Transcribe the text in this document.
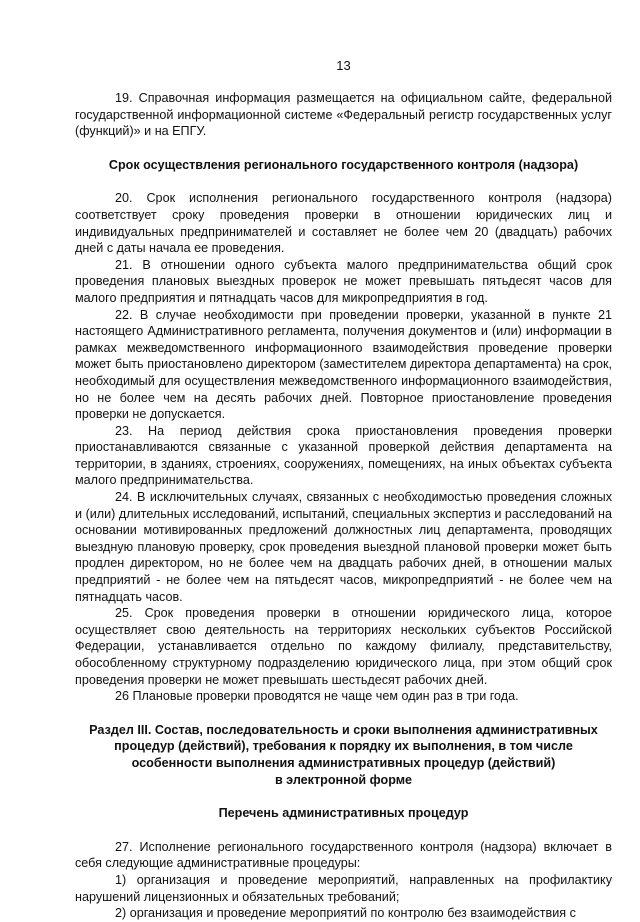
13

19. Справочная информация размещается на официальном сайте, федеральной государственной информационной системе «Федеральный регистр государственных услуг (функций)» и на ЕПГУ.

Срок осуществления регионального государственного контроля (надзора)

20. Срок исполнения регионального государственного контроля (надзора) соответствует сроку проведения проверки в отношении юридических лиц и индивидуальных предпринимателей и составляет не более чем 20 (двадцать) рабочих дней с даты начала ее проведения.

21. В отношении одного субъекта малого предпринимательства общий срок проведения плановых выездных проверок не может превышать пятьдесят часов для малого предприятия и пятнадцать часов для микропредприятия в год.

22. В случае необходимости при проведении проверки, указанной в пункте 21 настоящего Административного регламента, получения документов и (или) информации в рамках межведомственного информационного взаимодействия проведение проверки может быть приостановлено директором (заместителем директора департамента) на срок, необходимый для осуществления межведомственного информационного взаимодействия, но не более чем на десять рабочих дней. Повторное приостановление проведения проверки не допускается.

23. На период действия срока приостановления проведения проверки приостанавливаются связанные с указанной проверкой действия департамента на территории, в зданиях, строениях, сооружениях, помещениях, на иных объектах субъекта малого предпринимательства.

24. В исключительных случаях, связанных с необходимостью проведения сложных и (или) длительных исследований, испытаний, специальных экспертиз и расследований на основании мотивированных предложений должностных лиц департамента, проводящих выездную плановую проверку, срок проведения выездной плановой проверки может быть продлен директором, но не более чем на двадцать рабочих дней, в отношении малых предприятий - не более чем на пятьдесят часов, микропредприятий - не более чем на пятнадцать часов.

25. Срок проведения проверки в отношении юридического лица, которое осуществляет свою деятельность на территориях нескольких субъектов Российской Федерации, устанавливается отдельно по каждому филиалу, представительству, обособленному структурному подразделению юридического лица, при этом общий срок проведения проверки не может превышать шестьдесят рабочих дней.

26 Плановые проверки проводятся не чаще чем один раз в три года.

Раздел III. Состав, последовательность и сроки выполнения административных

процедур (действий), требования к порядку их выполнения, в том числе

особенности выполнения административных процедур (действий)

в электронной форме

Перечень административных процедур

27. Исполнение регионального государственного контроля (надзора) включает в себя следующие административные процедуры:

1) организация и проведение мероприятий, направленных на профилактику нарушений лицензионных и обязательных требований;

2) организация и проведение мероприятий по контролю без взаимодействия с
